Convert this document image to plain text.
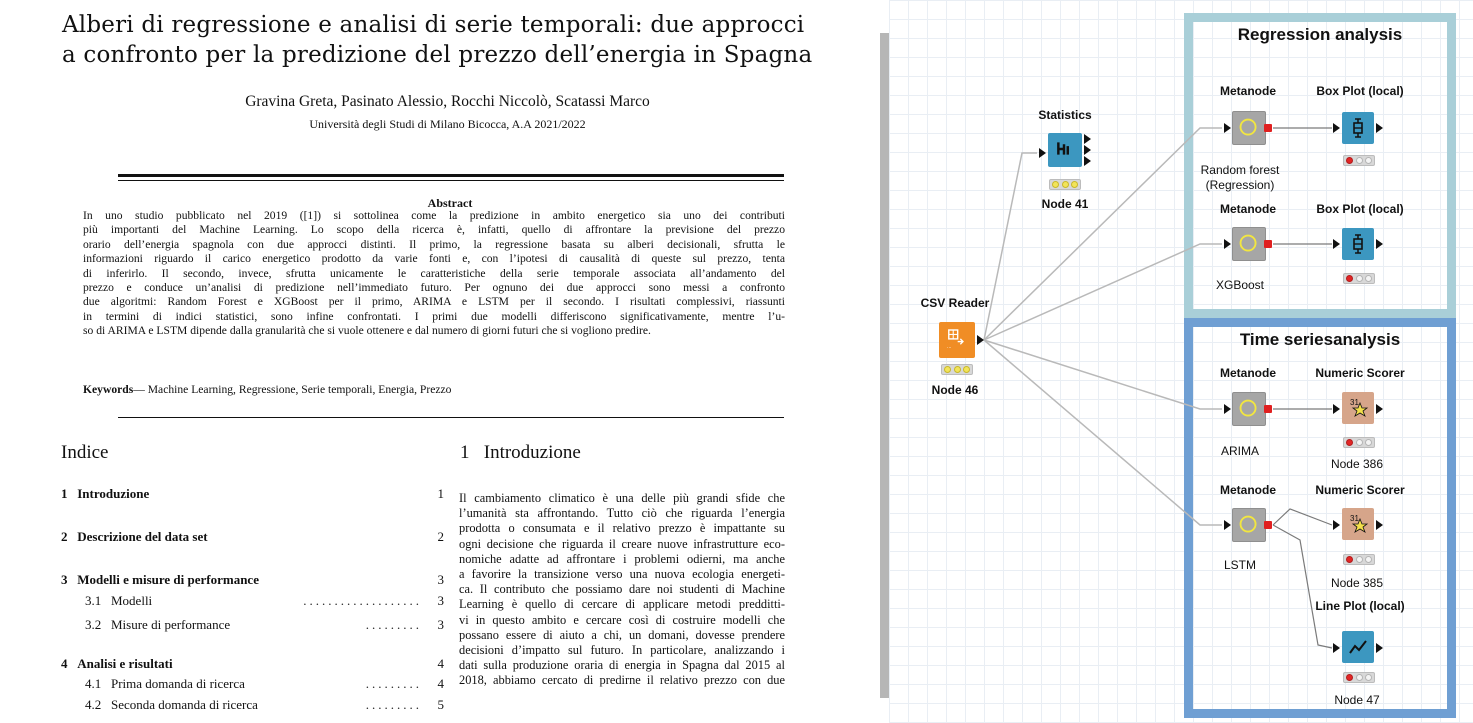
Alberi di regressione e analisi di serie temporali: due approcci
a confronto per la predizione del prezzo dell’energia in Spagna
Gravina Greta, Pasinato Alessio, Rocchi Niccolò, Scatassi Marco
Università degli Studi di Milano Bicocca, A.A 2021/2022
Abstract
In uno studio pubblicato nel 2019 ([1]) si sottolinea come la predizione in ambito energetico sia uno dei contributi
più importanti del Machine Learning. Lo scopo della ricerca è, infatti, quello di affrontare la previsione del prezzo
orario dell’energia spagnola con due approcci distinti. Il primo, la regressione basata su alberi decisionali, sfrutta le
informazioni riguardo il carico energetico prodotto da varie fonti e, con l’ipotesi di causalità di queste sul prezzo, tenta
di inferirlo. Il secondo, invece, sfrutta unicamente le caratteristiche della serie temporale associata all’andamento del
prezzo e conduce un’analisi di predizione nell’immediato futuro. Per ognuno dei due approcci sono messi a confronto
due algoritmi: Random Forest e XGBoost per il primo, ARIMA e LSTM per il secondo. I risultati complessivi, riassunti
in termini di indici statistici, sono infine confrontati. I primi due modelli differiscono significativamente, mentre l’u-
so di ARIMA e LSTM dipende dalla granularità che si vuole ottenere e dal numero di giorni futuri che si vogliono predire.
Keywords— Machine Learning, Regressione, Serie temporali, Energia, Prezzo
Indice
1 Introduzione	1
2 Descrizione del data set	2
3 Modelli e misure di performance	3
3.1 Modelli	................... 3
3.2 Misure di performance	......... 3
4 Analisi e risultati	4
4.1 Prima domanda di ricerca	......... 4
4.2 Seconda domanda di ricerca	......... 5
1 Introduzione
Il cambiamento climatico è una delle più grandi sfide che
l’umanità sta affrontando. Tutto ciò che riguarda l’energia
prodotta o consumata e il relativo prezzo è impattante su
ogni decisione che riguarda il creare nuove infrastrutture eco-
nomiche adatte ad affrontare i problemi odierni, ma anche
a favorire la transizione verso una nuova ecologia energeti-
ca. Il contributo che possiamo dare noi studenti di Machine
Learning è quello di cercare di applicare metodi predditti-
vi in questo ambito e cercare così di costruire modelli che
possano essere di aiuto a chi, un domani, dovesse prendere
decisioni d’impatto sul futuro. In particolare, analizzando i
dati sulla produzione oraria di energia in Spagna dal 2015 al
2018, abbiamo cercato di predirne il relativo prezzo con due
Regression analysis
Time seriesanalysis
CSV Reader
...
Node 46
Statistics
Node 41
Metanode
Random forest
(Regression)
Box Plot (local)
Metanode
XGBoost
Box Plot (local)
Metanode
ARIMA
Numeric Scorer
31
Node 386
Metanode
LSTM
Numeric Scorer
31
Node 385
Line Plot (local)
Node 47
